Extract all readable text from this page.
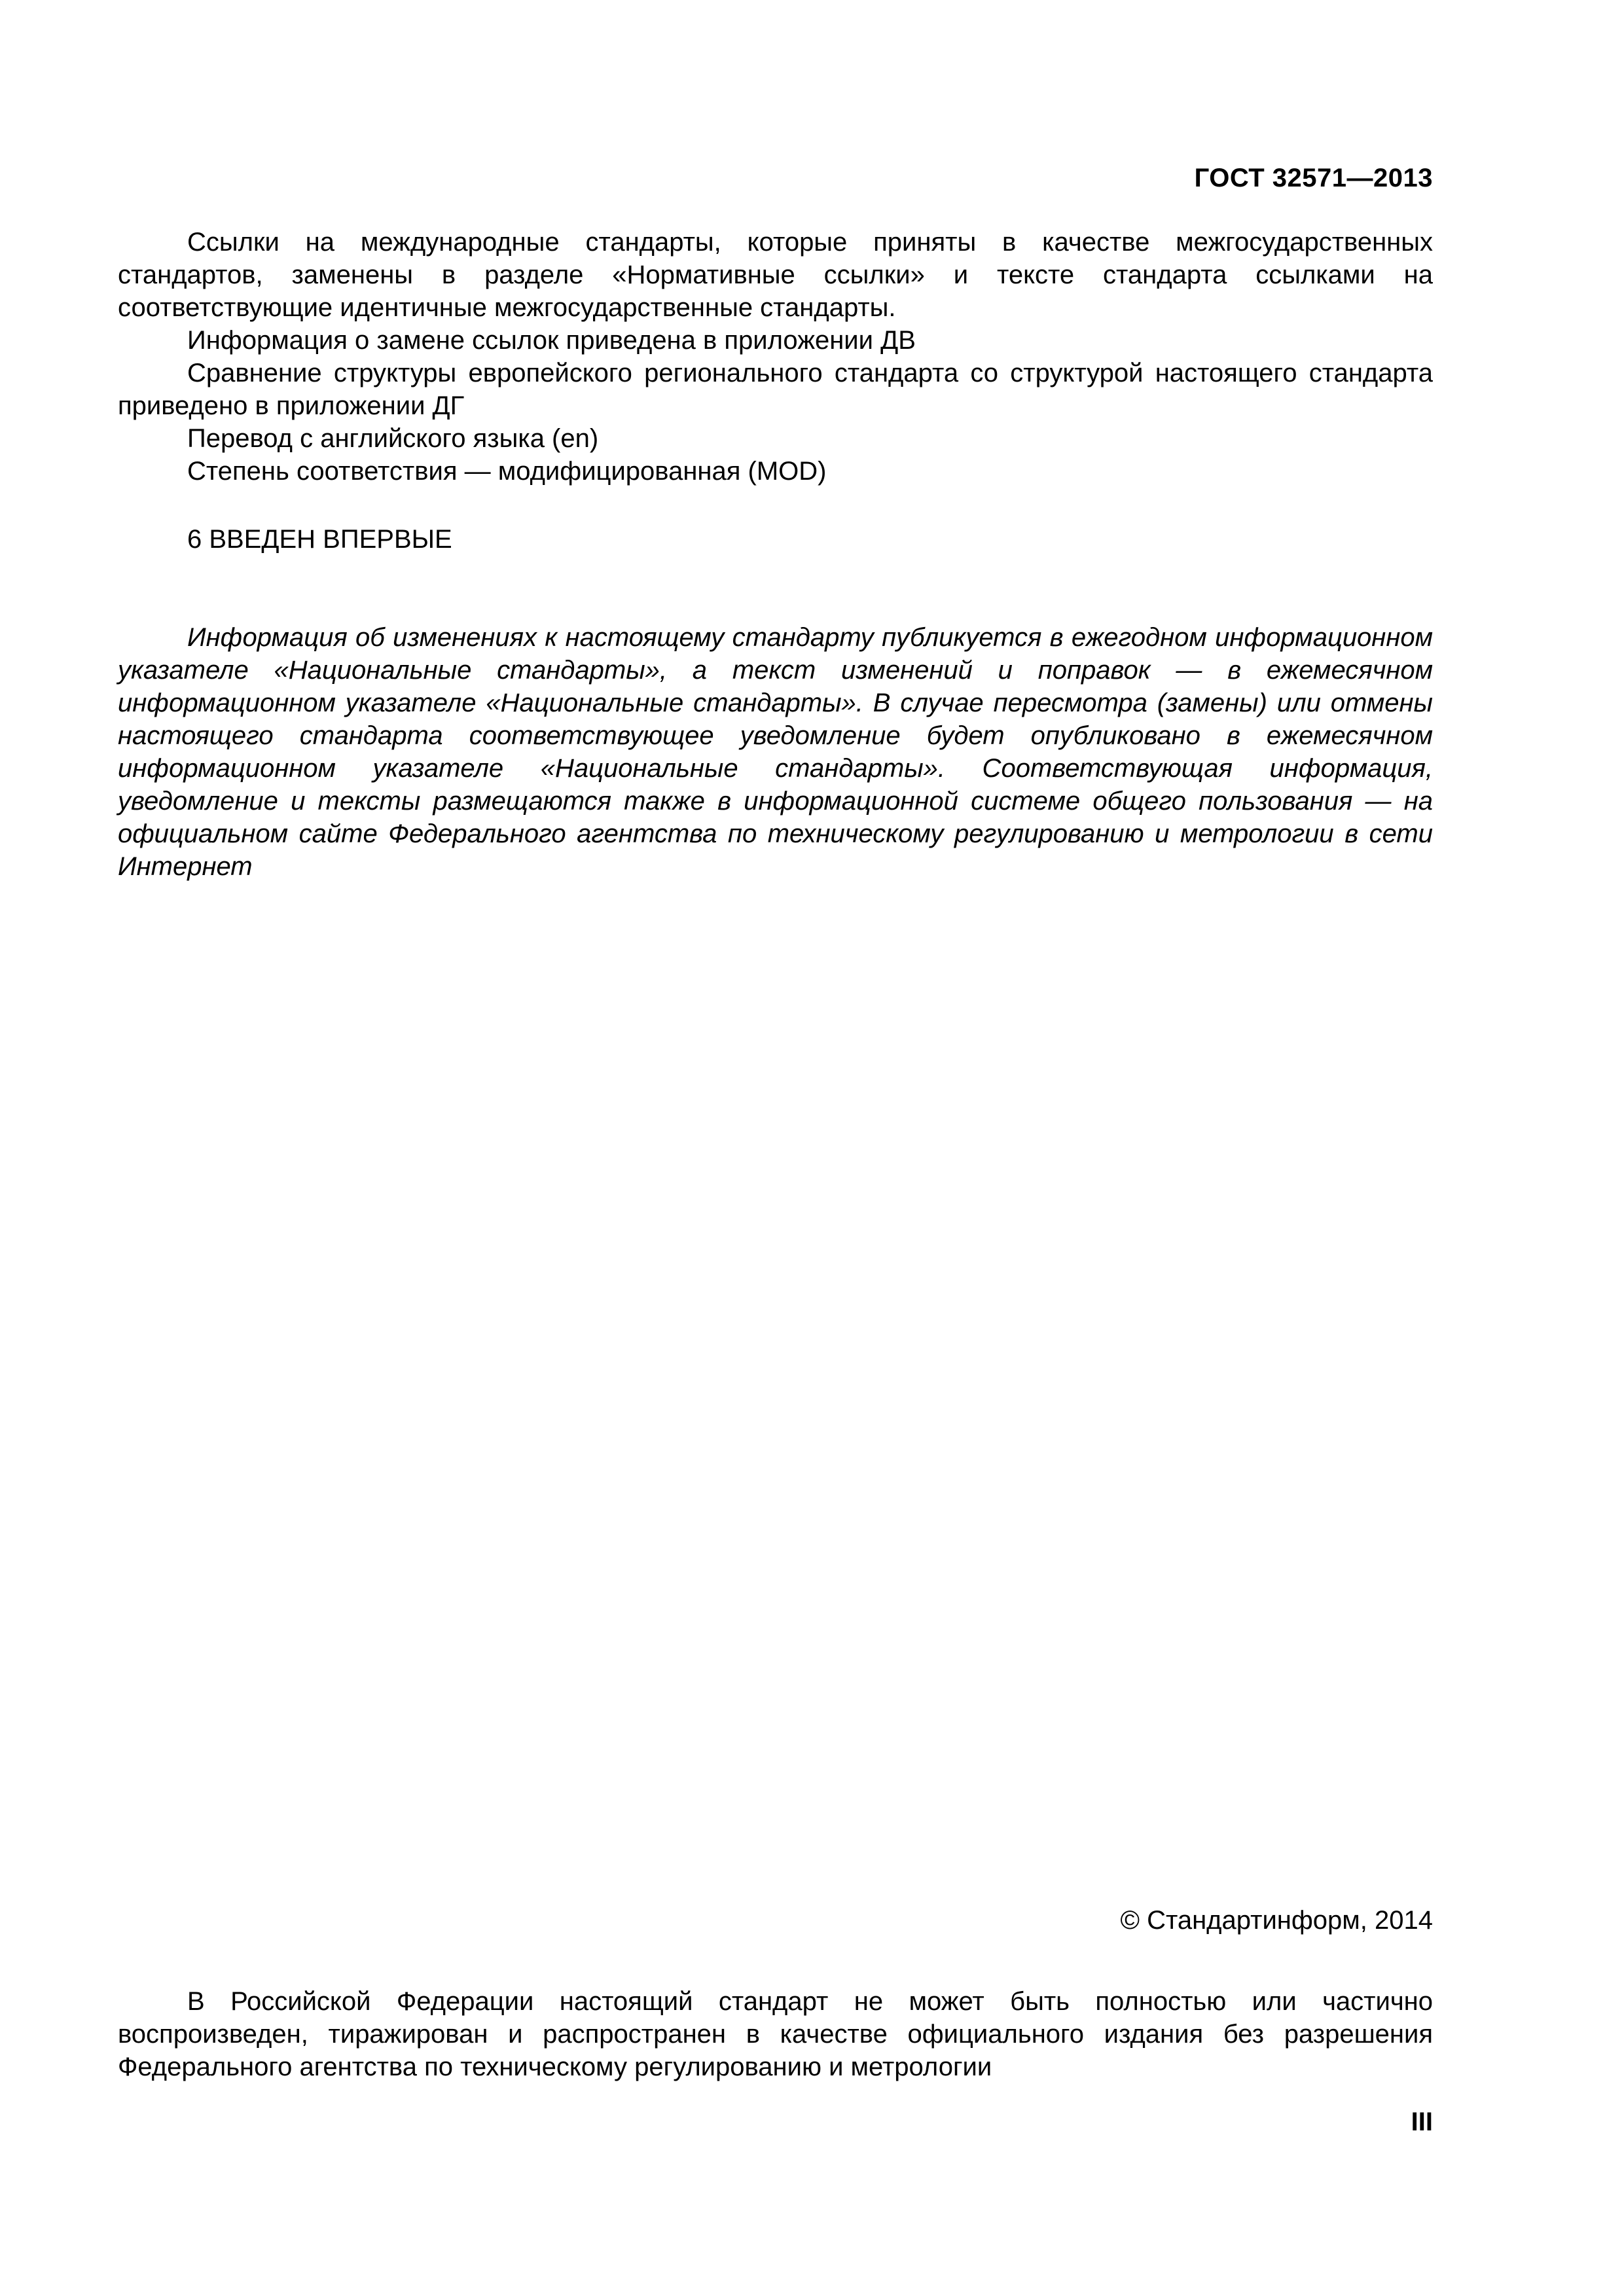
ГОСТ 32571—2013

Ссылки на международные стандарты, которые приняты в качестве межгосударственных стандартов, заменены в разделе «Нормативные ссылки» и тексте стандарта ссылками на соответствующие идентичные межгосударственные стандарты.

Информация о замене ссылок приведена в приложении ДВ

Сравнение структуры европейского регионального стандарта со структурой настоящего стандарта приведено в приложении ДГ

Перевод с английского языка (en)

Степень соответствия — модифицированная (MOD)

6 ВВЕДЕН ВПЕРВЫЕ

Информация об изменениях к настоящему стандарту публикуется в ежегодном информационном указателе «Национальные стандарты», а текст изменений и поправок — в ежемесячном информационном указателе «Национальные стандарты». В случае пересмотра (замены) или отмены настоящего стандарта соответствующее уведомление будет опубликовано в ежемесячном информационном указателе «Национальные стандарты». Соответствующая информация, уведомление и тексты размещаются также в информационной системе общего пользования — на официальном сайте Федерального агентства по техническому регулированию и метрологии в сети Интернет

© Стандартинформ, 2014

В Российской Федерации настоящий стандарт не может быть полностью или частично воспроизведен, тиражирован и распространен в качестве официального издания без разрешения Федерального агентства по техническому регулированию и метрологии

III
